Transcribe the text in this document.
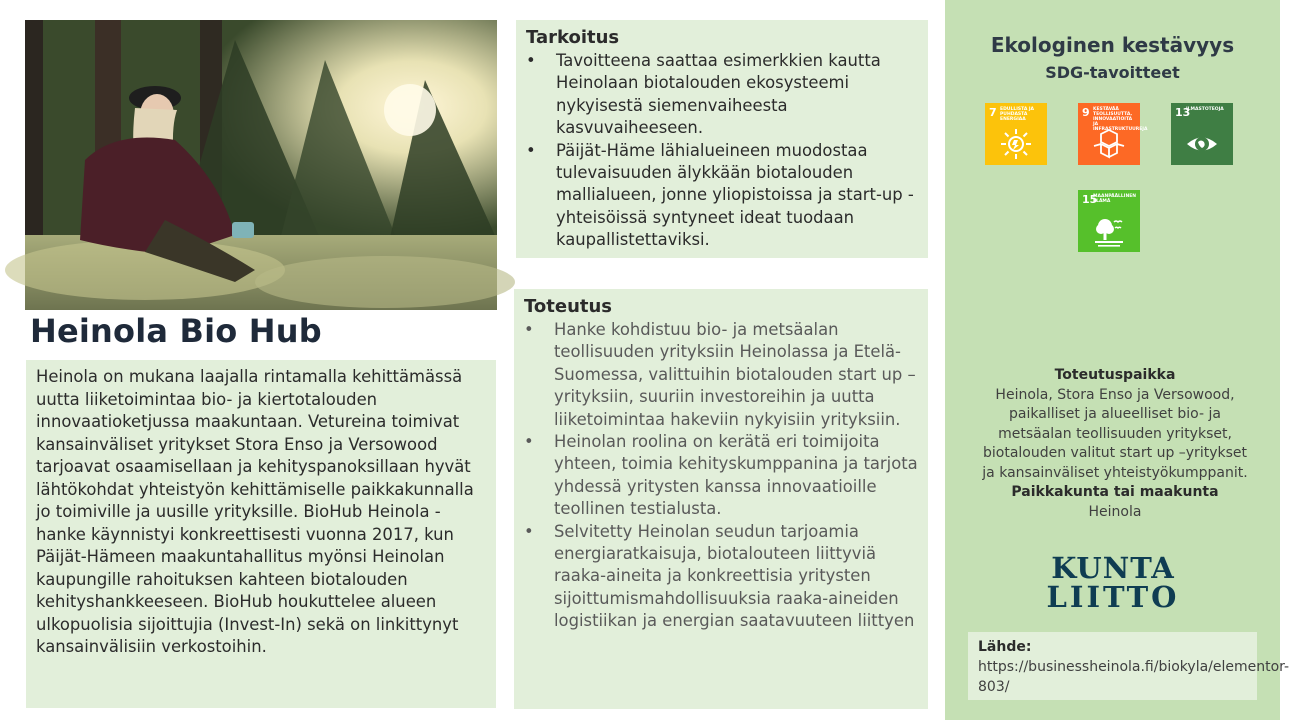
Heinola Bio Hub

Heinola on mukana laajalla rintamalla kehittämässä uutta liiketoimintaa bio- ja kiertotalouden innovaatioketjussa maakuntaan. Vetureina toimivat kansainväliset yritykset Stora Enso ja Versowood tarjoavat osaamisellaan ja kehityspanoksillaan hyvät lähtökohdat yhteistyön kehittämiselle paikkakunnalla jo toimiville ja uusille yrityksille. BioHub Heinola -hanke käynnistyi konkreettisesti vuonna 2017, kun Päijät-Hämeen maakuntahallitus myönsi Heinolan kaupungille rahoituksen kahteen biotalouden kehityshankkeeseen. BioHub houkuttelee alueen ulkopuolisia sijoittujia (Invest-In) sekä on linkittynyt kansainvälisiin verkostoihin.

Tarkoitus
• Tavoitteena saattaa esimerkkien kautta Heinolaan biotalouden ekosysteemi nykyisestä siemenvaiheesta kasvuvaiheeseen.
• Päijät-Häme lähialueineen muodostaa tulevaisuuden älykkään biotalouden mallialueen, jonne yliopistoissa ja start-up -yhteisöissä syntyneet ideat tuodaan kaupallistettaviksi.
Toteutus
• Hanke kohdistuu bio- ja metsäalan teollisuuden yrityksiin Heinolassa ja Etelä-Suomessa, valittuihin biotalouden start up –yrityksiin, suuriin investoreihin ja uutta liiketoimintaa hakeviin nykyisiin yrityksiin.
• Heinolan roolina on kerätä eri toimijoita yhteen, toimia kehityskumppanina ja tarjota yhdessä yritysten kanssa innovaatioille teollinen testialusta.
• Selvitetty Heinolan seudun tarjoamia energiaratkaisuja, biotalouteen liittyviä raaka-aineita ja konkreettisia yritysten sijoittumismahdollisuuksia raaka-aineiden logistiikan ja energian saatavuuteen liittyen
Ekologinen kestävyys
SDG-tavoitteet
7 EDULLISTA JA PUHDASTA ENERGIAA
9 KESTÄVÄÄ TEOLLISUUTTA, INNOVAATIOITA JA INFRASTRUKTUUREJA
13
ILMASTOTEOJA
15
MAANPÄÄLLINEN ELÄMÄ
Toteutuspaikka
Heinola, Stora Enso ja Versowood, paikalliset ja alueelliset bio- ja metsäalan teollisuuden yritykset, biotalouden valitut start up –yritykset ja kansainväliset yhteistyökumppanit.
Paikkakunta tai maakunta
Heinola
KUNTA
LIITTO
Lähde:
https://businessheinola.fi/biokyla/elementor-803/
